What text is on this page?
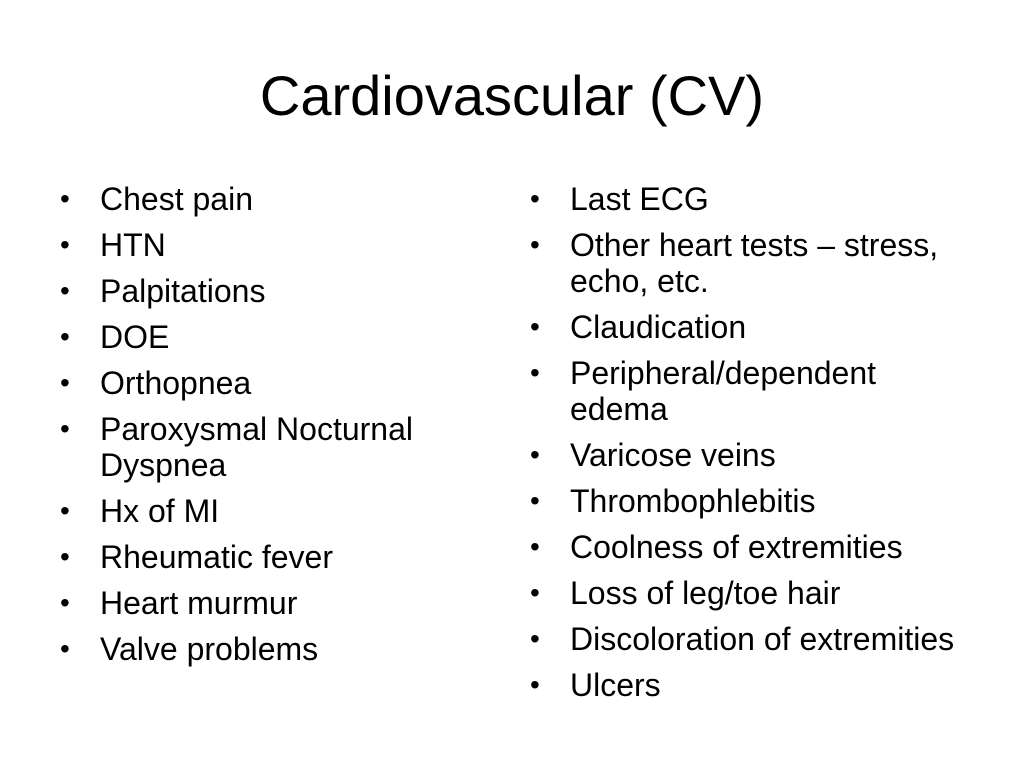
Cardiovascular (CV)
• Chest pain
• HTN
• Palpitations
• DOE
• Orthopnea
• Paroxysmal Nocturnal Dyspnea
• Hx of MI
• Rheumatic fever
• Heart murmur
• Valve problems
• Last ECG
• Other heart tests – stress, echo, etc.
• Claudication
• Peripheral/dependent edema
• Varicose veins
• Thrombophlebitis
• Coolness of extremities
• Loss of leg/toe hair
• Discoloration of extremities
• Ulcers
